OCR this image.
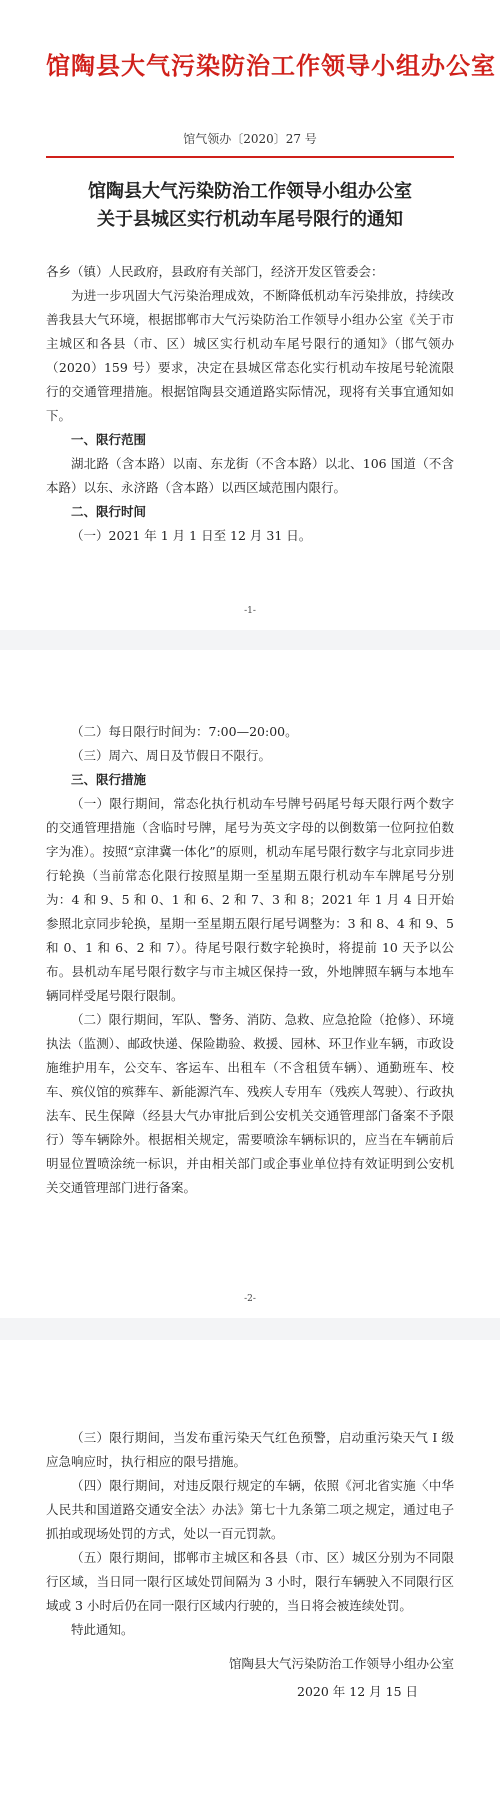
馆陶县大气污染防治工作领导小组办公室
馆气领办〔2020〕27 号
馆陶县大气污染防治工作领导小组办公室
关于县城区实行机动车尾号限行的通知

各乡（镇）人民政府，县政府有关部门，经济开发区管委会：

为进一步巩固大气污染治理成效，不断降低机动车污染排放，持续改善我县大气环境，根据邯郸市大气污染防治工作领导小组办公室《关于市主城区和各县（市、区）城区实行机动车尾号限行的通知》（邯气领办（2020）159 号）要求，决定在县城区常态化实行机动车按尾号轮流限行的交通管理措施。根据馆陶县交通道路实际情况，现将有关事宜通知如下。

一、限行范围

湖北路（含本路）以南、东龙街（不含本路）以北、106 国道（不含本路）以东、永济路（含本路）以西区域范围内限行。

二、限行时间

（一）2021 年 1 月 1 日至 12 月 31 日。

-1-

（二）每日限行时间为：7:00—20:00。

（三）周六、周日及节假日不限行。

三、限行措施

（一）限行期间，常态化执行机动车号牌号码尾号每天限行两个数字的交通管理措施（含临时号牌，尾号为英文字母的以倒数第一位阿拉伯数字为准）。按照“京津冀一体化”的原则，机动车尾号限行数字与北京同步进行轮换（当前常态化限行按照星期一至星期五限行机动车车牌尾号分别为：4 和 9、5 和 0、1 和 6、2 和 7、3 和 8；2021 年 1 月 4 日开始参照北京同步轮换，星期一至星期五限行尾号调整为：3 和 8、4 和 9、5 和 0、1 和 6、2 和 7）。待尾号限行数字轮换时，将提前 10 天予以公布。县机动车尾号限行数字与市主城区保持一致，外地牌照车辆与本地车辆同样受尾号限行限制。

（二）限行期间，军队、警务、消防、急救、应急抢险（抢修）、环境执法（监测）、邮政快递、保险勘验、救援、园林、环卫作业车辆，市政设施维护用车，公交车、客运车、出租车（不含租赁车辆）、通勤班车、校车、殡仪馆的殡葬车、新能源汽车、残疾人专用车（残疾人驾驶）、行政执法车、民生保障（经县大气办审批后到公安机关交通管理部门备案不予限行）等车辆除外。根据相关规定，需要喷涂车辆标识的，应当在车辆前后明显位置喷涂统一标识，并由相关部门或企事业单位持有效证明到公安机关交通管理部门进行备案。

-2-

（三）限行期间，当发布重污染天气红色预警，启动重污染天气 I 级应急响应时，执行相应的限号措施。

（四）限行期间，对违反限行规定的车辆，依照《河北省实施〈中华人民共和国道路交通安全法〉办法》第七十九条第二项之规定，通过电子抓拍或现场处罚的方式，处以一百元罚款。

（五）限行期间，邯郸市主城区和各县（市、区）城区分别为不同限行区域，当日同一限行区域处罚间隔为 3 小时，限行车辆驶入不同限行区域或 3 小时后仍在同一限行区域内行驶的，当日将会被连续处罚。

特此通知。

馆陶县大气污染防治工作领导小组办公室
2020 年 12 月 15 日
